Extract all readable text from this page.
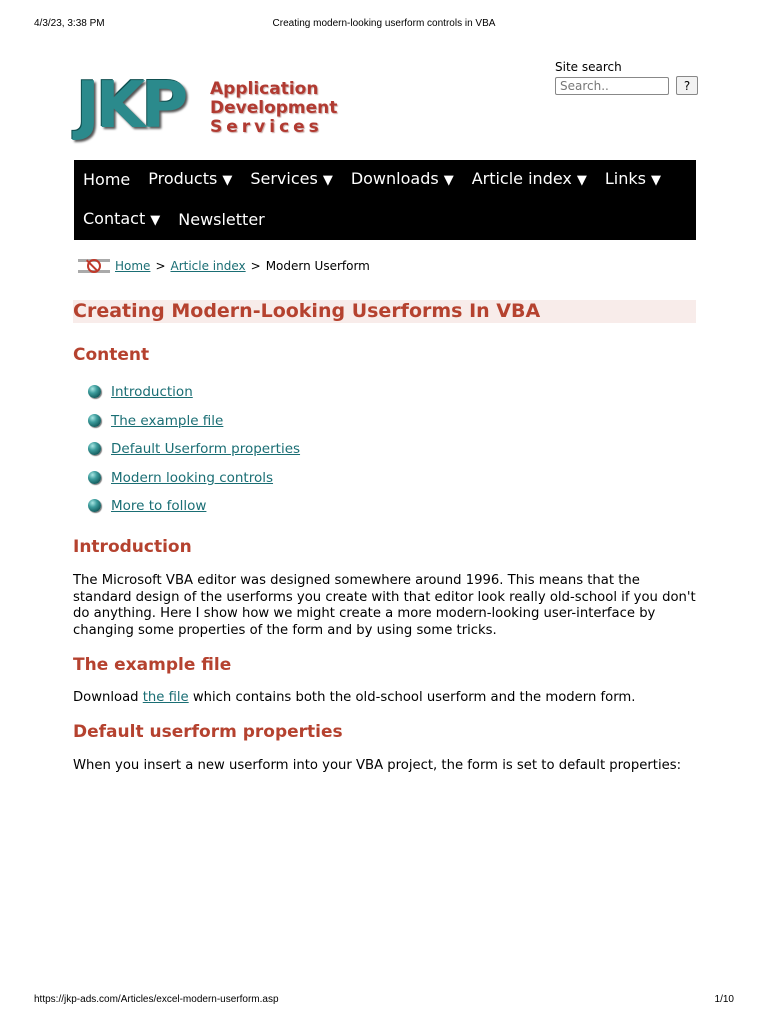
4/3/23, 3:38 PM	Creating modern-looking userform controls in VBA
JKP Application
Development
Services
Site search
Search.. ?
Home	Products ▼	Services ▼	Downloads ▼	Article index ▼	Links ▼
Contact ▼	Newsletter
Home > Article index > Modern Userform
Creating Modern-Looking Userforms In VBA
Content
Introduction
The example file
Default Userform properties
Modern looking controls
More to follow
Introduction

The Microsoft VBA editor was designed somewhere around 1996. This means that the standard design of the userforms you create with that editor look really old-school if you don't do anything. Here I show how we might create a more modern-looking user-interface by changing some properties of the form and by using some tricks.

The example file

Download the file which contains both the old-school userform and the modern form.

Default userform properties

When you insert a new userform into your VBA project, the form is set to default properties:

https://jkp-ads.com/Articles/excel-modern-userform.asp	1/10
